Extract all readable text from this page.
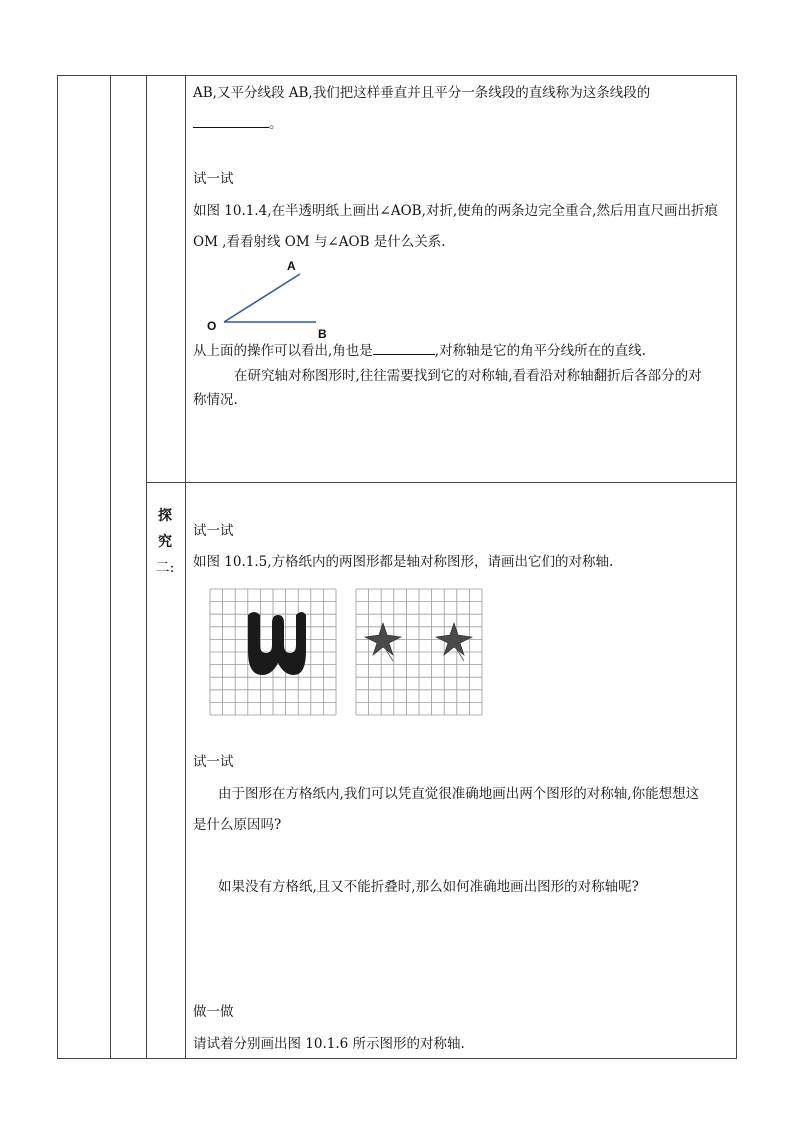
AB,又平分线段 AB,我们把这样垂直并且平分一条线段的直线称为这条线段的
。
试一试
如图 10.1.4,在半透明纸上画出∠AOB,对折,使角的两条边完全重合,然后用直尺画出折痕
OM ,看看射线 OM 与∠AOB 是什么关系.
A
O
B
从上面的操作可以看出,角也是	,对称轴是它的角平分线所在的直线.
在研究轴对称图形时,往往需要找到它的对称轴,看看沿对称轴翻折后各部分的对
称情况.
探
究
二:
试一试
如图 10.1.5,方格纸内的两图形都是轴对称图形，请画出它们的对称轴.
试一试
由于图形在方格纸内,我们可以凭直觉很准确地画出两个图形的对称轴,你能想想这
是什么原因吗?
如果没有方格纸,且又不能折叠时,那么如何准确地画出图形的对称轴呢?
做一做
请试着分别画出图 10.1.6 所示图形的对称轴.
